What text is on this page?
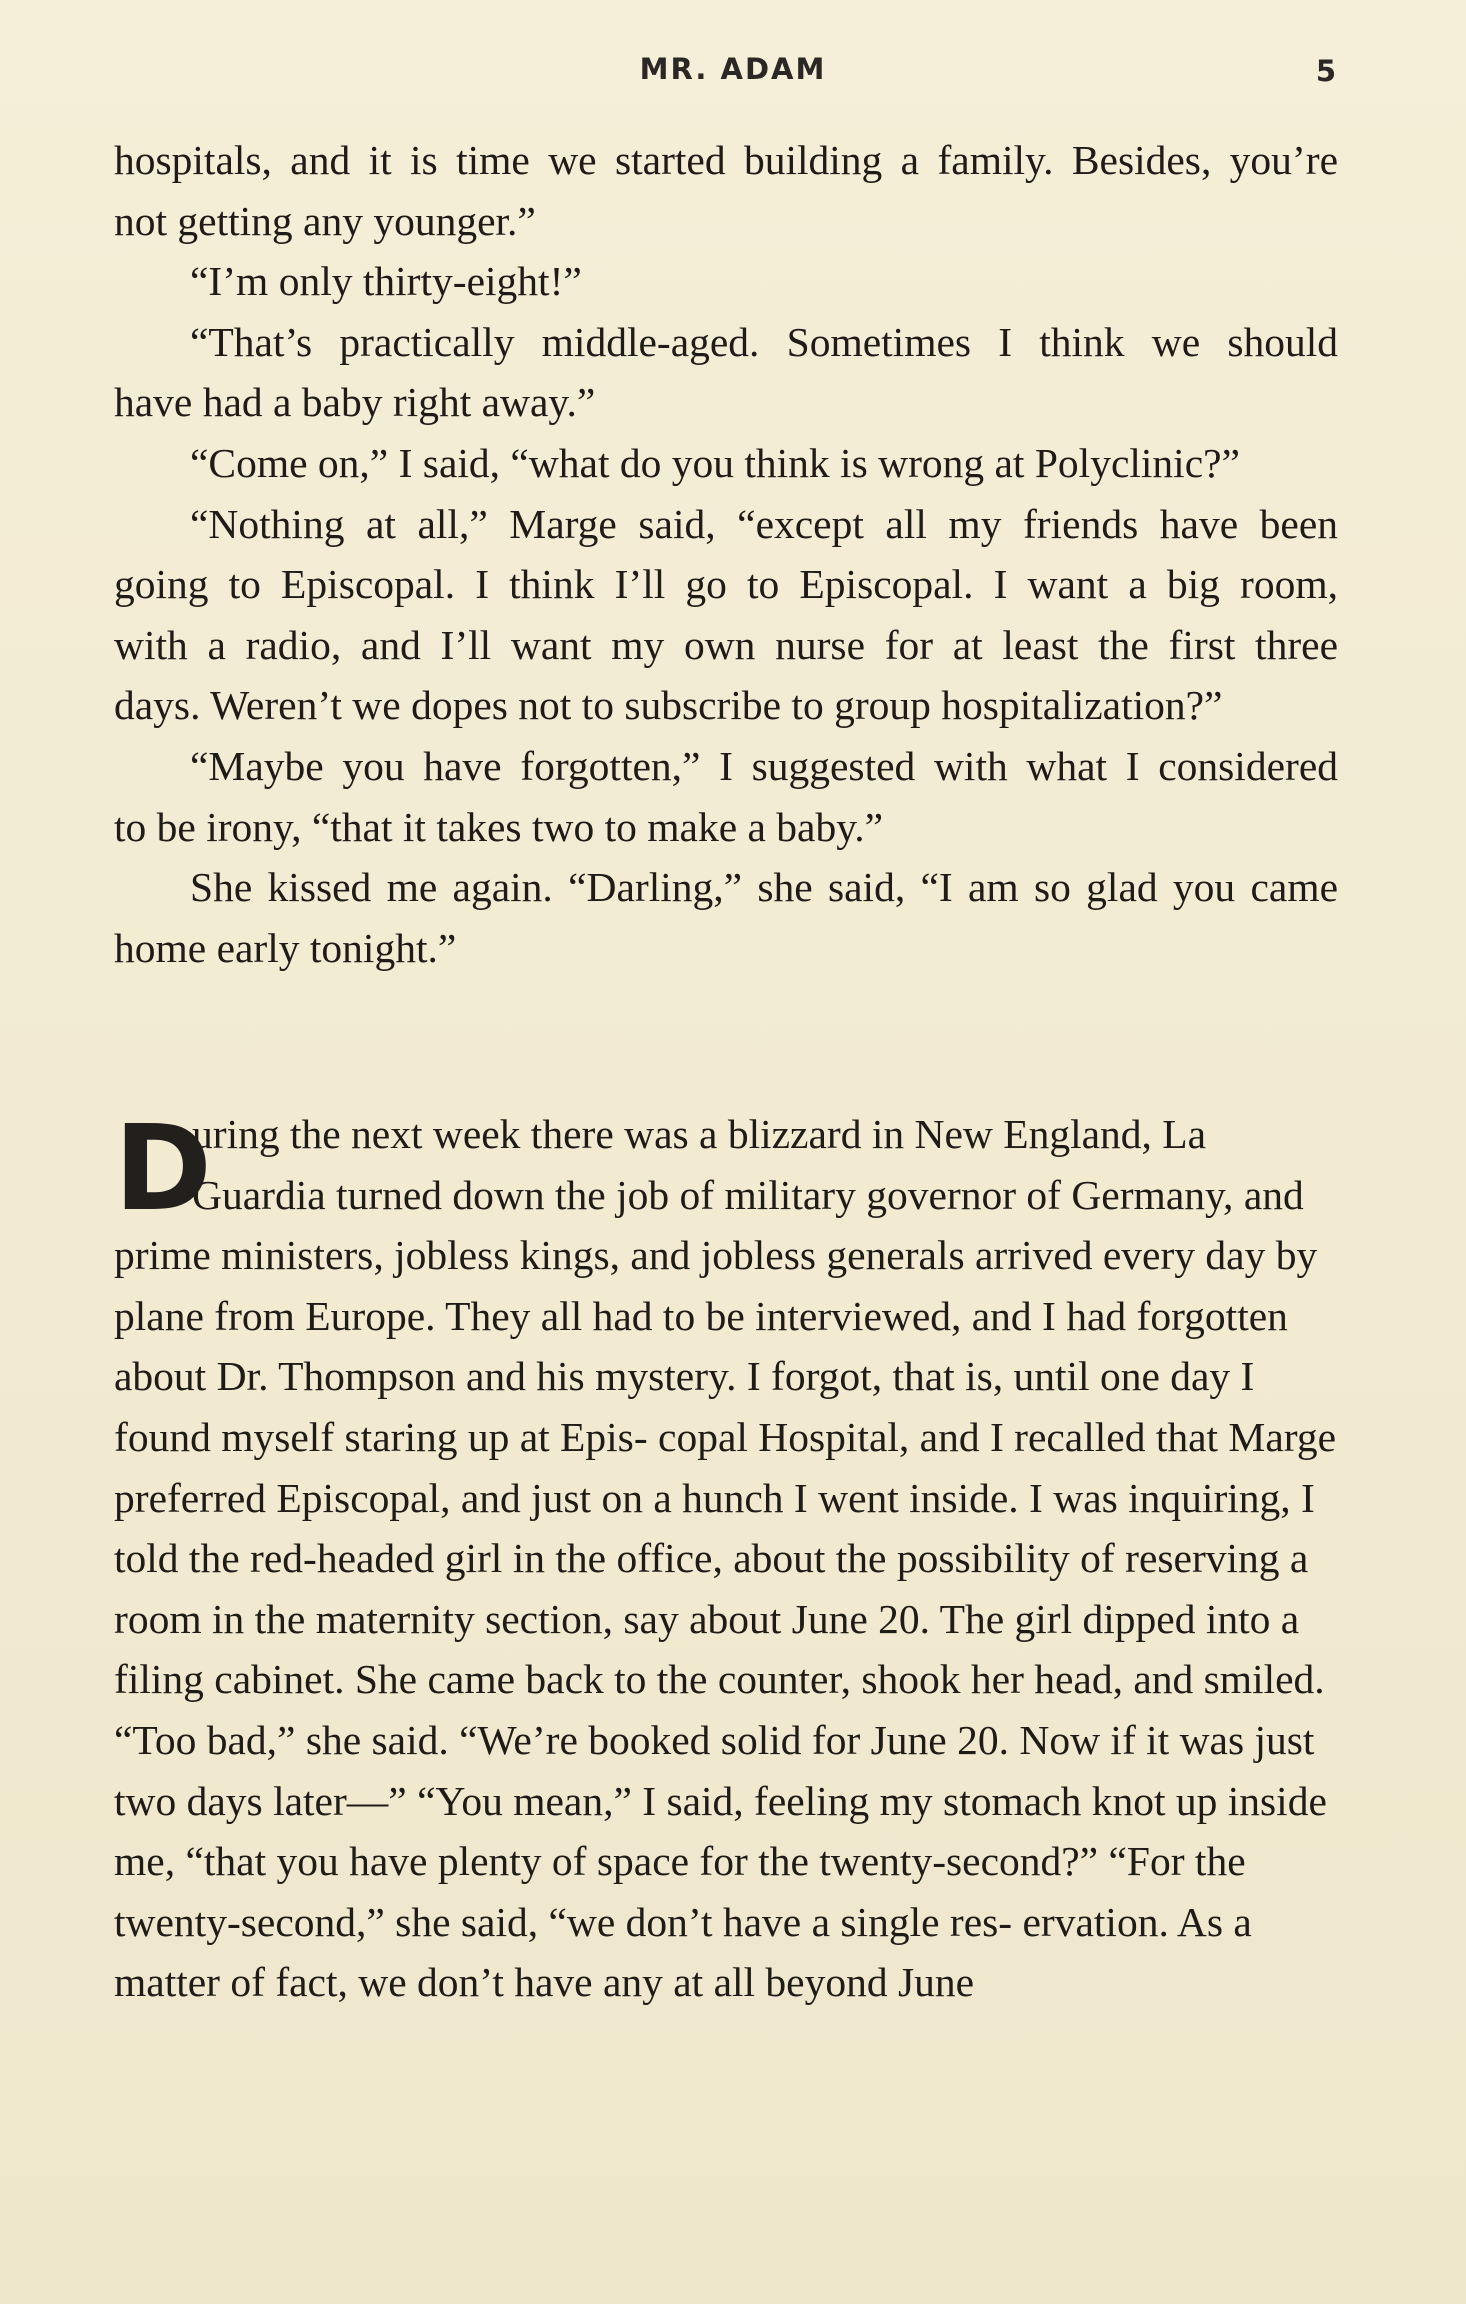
MR. ADAM	5
hospitals, and it is time we started building a family. Besides, you’re
not getting any younger.”
“I’m only thirty-eight!”
“That’s practically middle-aged. Sometimes I think we should
have had a baby right away.”
“Come on,” I said, “what do you think is wrong at Polyclinic?”
“Nothing at all,” Marge said, “except all my friends have been
going to Episcopal. I think I’ll go to Episcopal. I want a big room,
with a radio, and I’ll want my own nurse for at least the first three
days. Weren’t we dopes not to subscribe to group hospitalization?”
“Maybe you have forgotten,” I suggested with what I considered
to be irony, “that it takes two to make a baby.”
She kissed me again. “Darling,” she said, “I am so glad you came
home early tonight.”
D
uring the next week there was a blizzard in New England, La Guardia turned down the job of military governor of Germany, and prime ministers, jobless kings, and jobless generals arrived every day by plane from Europe. They all had to be interviewed, and I had forgotten about Dr. Thompson and his mystery. I forgot, that is, until one day I found myself staring up at Epis- copal Hospital, and I recalled that Marge preferred Episcopal, and just on a hunch I went inside. I was inquiring, I told the red-headed girl in the office, about the possibility of reserving a room in the maternity section, say about June 20. The girl dipped into a filing cabinet. She came back to the counter, shook her head, and smiled. “Too bad,” she said. “We’re booked solid for June 20. Now if it was just two days later—” “You mean,” I said, feeling my stomach knot up inside me, “that you have plenty of space for the twenty-second?” “For the twenty-second,” she said, “we don’t have a single res- ervation. As a matter of fact, we don’t have any at all beyond June
